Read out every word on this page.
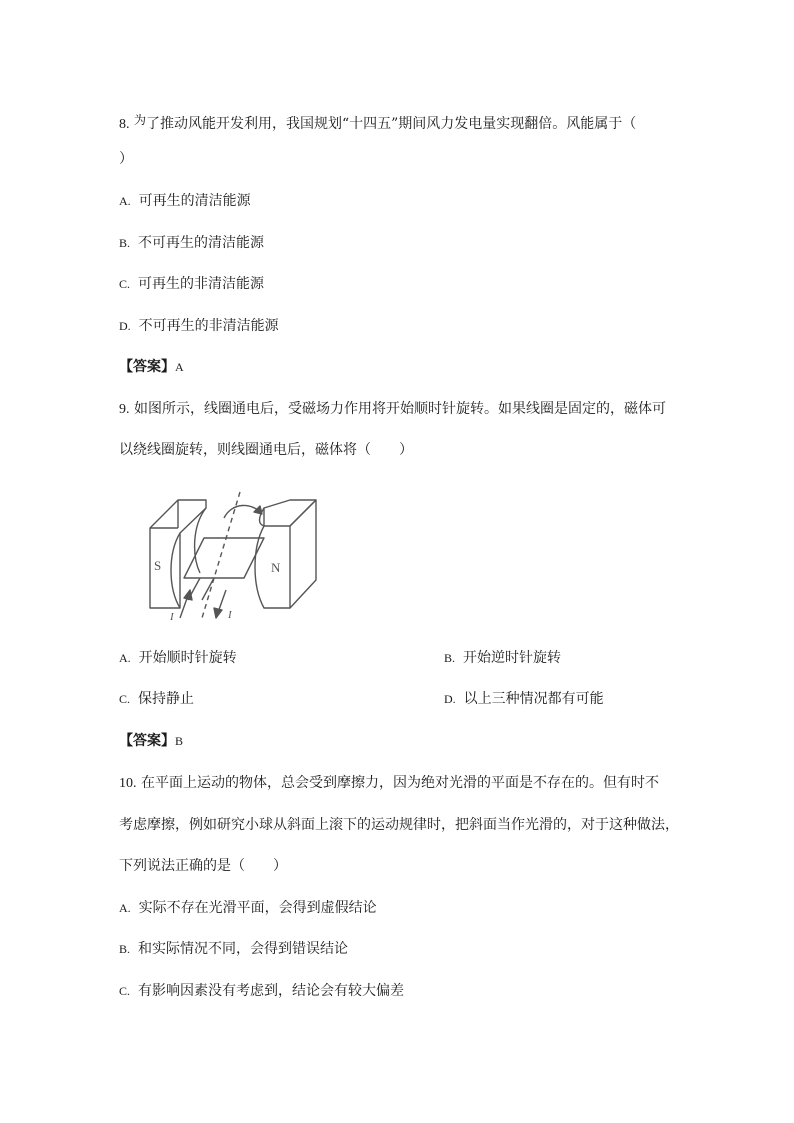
8. 为了推动风能开发利用，我国规划“十四五”期间风力发电量实现翻倍。风能属于（
）
A. 可再生的清洁能源
B. 不可再生的清洁能源
C. 可再生的非清洁能源
D. 不可再生的非清洁能源
【答案】A
9. 如图所示，线圈通电后，受磁场力作用将开始顺时针旋转。如果线圈是固定的，磁体可
以绕线圈旋转，则线圈通电后，磁体将（　　）
S	N
I	I
A. 开始顺时针旋转	B. 开始逆时针旋转
C. 保持静止	D. 以上三种情况都有可能
【答案】B
10. 在平面上运动的物体，总会受到摩擦力，因为绝对光滑的平面是不存在的。但有时不
考虑摩擦，例如研究小球从斜面上滚下的运动规律时，把斜面当作光滑的，对于这种做法，
下列说法正确的是（　　）
A. 实际不存在光滑平面，会得到虚假结论
B. 和实际情况不同，会得到错误结论
C. 有影响因素没有考虑到，结论会有较大偏差
